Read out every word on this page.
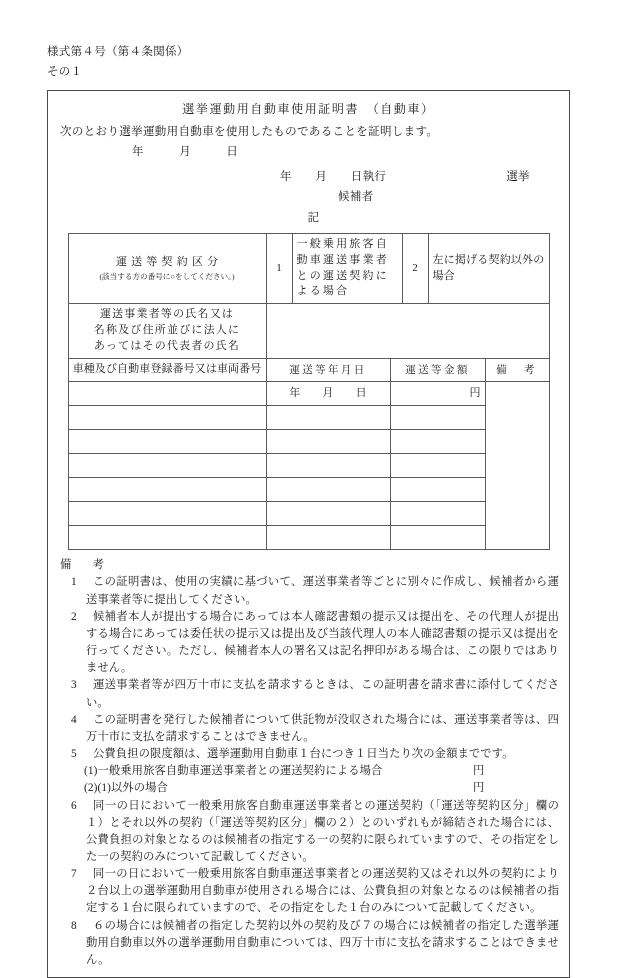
様式第４号（第４条関係）
その１
選挙運動用自動車使用証明書　（自動車）
次のとおり選挙運動用自動車を使用したものであることを証明します。
年　　　月　　　日
年　　月　　日執行	選挙
候補者
記
運送等契約区分
(該当する方の番号に○をしてください。)	1	一般乗用旅客自動車運送事業者との運送契約による場合	2	左に掲げる契約以外の場合

運送事業者等の氏名又は
名称及び住所並びに法人に
あってはその代表者の氏名				

車種及び自動車登録番号又は車両番号	運送等年月日	運送等金額	備　考
	年 月 日	円	

備　考
1	この証明書は、使用の実績に基づいて、運送事業者等ごとに別々に作成し、候補者から運送事業者等に提出してください。
2	候補者本人が提出する場合にあっては本人確認書類の提示又は提出を、その代理人が提出する場合にあっては委任状の提示又は提出及び当該代理人の本人確認書類の提示又は提出を行ってください。ただし、候補者本人の署名又は記名押印がある場合は、この限りではありません。
3	運送事業者等が四万十市に支払を請求するときは、この証明書を請求書に添付してください。
4	この証明書を発行した候補者について供託物が没収された場合には、運送事業者等は、四万十市に支払を請求することはできません。
5	公費負担の限度額は、選挙運動用自動車１台につき１日当たり次の金額までです。
(1) 一般乗用旅客自動車運送事業者との運送契約による場合	円
(2) (1)以外の場合	円
6	同一の日において一般乗用旅客自動車運送事業者との運送契約（「運送等契約区分」欄の１）とそれ以外の契約（「運送等契約区分」欄の２）とのいずれもが締結された場合には、公費負担の対象となるのは候補者の指定する一の契約に限られていますので、その指定をした一の契約のみについて記載してください。
7	同一の日において一般乗用旅客自動車運送事業者との運送契約又はそれ以外の契約により２台以上の選挙運動用自動車が使用される場合には、公費負担の対象となるのは候補者の指定する１台に限られていますので、その指定をした１台のみについて記載してください。
8	６の場合には候補者の指定した契約以外の契約及び７の場合には候補者の指定した選挙運動用自動車以外の選挙運動用自動車については、四万十市に支払を請求することはできません。
